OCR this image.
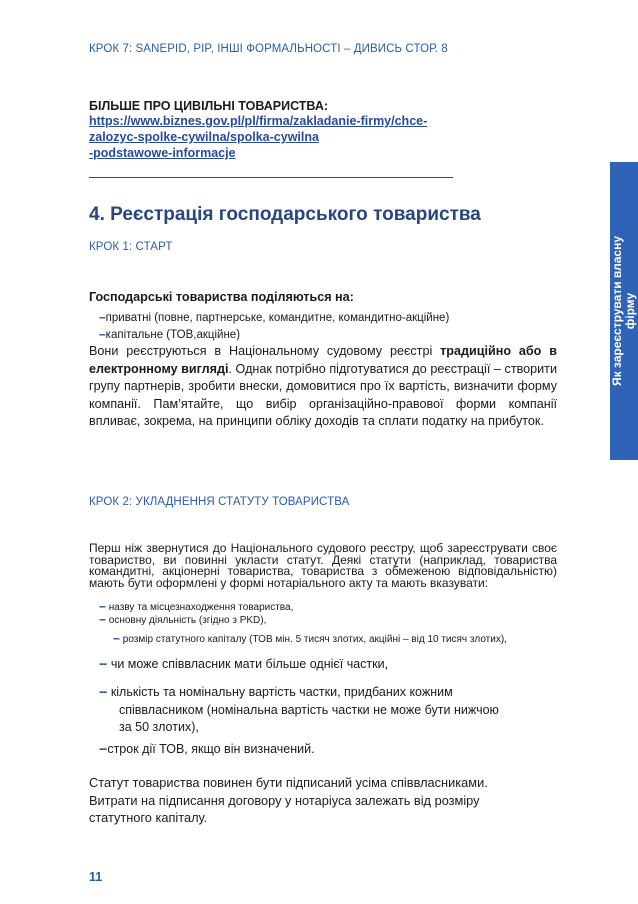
КРОК 7: SANEPID, PIP, ІНШІ ФОРМАЛЬНОСТІ – ДИВИСЬ СТОР. 8
БІЛЬШЕ ПРО ЦИВІЛЬНІ ТОВАРИСТВА:
https://www.biznes.gov.pl/pl/firma/zakladanie-firmy/chce-
zalozyc-spolke-cywilna/spolka-cywilna
-podstawowe-informacje
4. Реєстрація господарського товариства
КРОК 1: СТАРТ
Господарські товариства поділяються на:
--приватні (повне, партнерське, командитне, командитно-акційне)
--капітальне (ТОВ,акційне)
Вони реєструються в Національному судовому реєстрі традиційно або в електронному вигляді. Однак потрібно підготуватися до реєстрації – створити групу партнерів, зробити внески, домовитися про їх вартість, визначити форму компанії. Пам’ятайте, що вибір організаційно-правової форми компанії впливає, зокрема, на принципи обліку доходів та сплати податку на прибуток.
КРОК 2: УКЛАДНЕННЯ СТАТУТУ ТОВАРИСТВА
Перш ніж звернутися до Національного судового реєстру, щоб зареєструвати своє товариство, ви повинні укласти статут. Деякі статути (наприклад, товариства командитні, акціонерні товариства, товариства з обмеженою відповідальністю) мають бути оформлені у формі нотаріального акту та мають вказувати:
-- назву та місцезнаходження товариства,
-- основну діяльність (згідно з PKD),
-- розмір статутного капіталу (ТОВ мін. 5 тисяч злотих, акційні – від 10 тисяч злотих),
-- чи може співвласник мати більше однієї частки,
-- кількість та номінальну вартість частки, придбаних кожним
співвласником (номінальна вартість частки не може бути нижчою
за 50 злотих),
--строк дії ТОВ, якщо він визначений.
Статут товариства повинен бути підписаний усіма співвласниками.
Витрати на підписання договору у нотаріуса залежать від розміру
статутного капіталу.
11
Як зареєструвати власну
фірму
